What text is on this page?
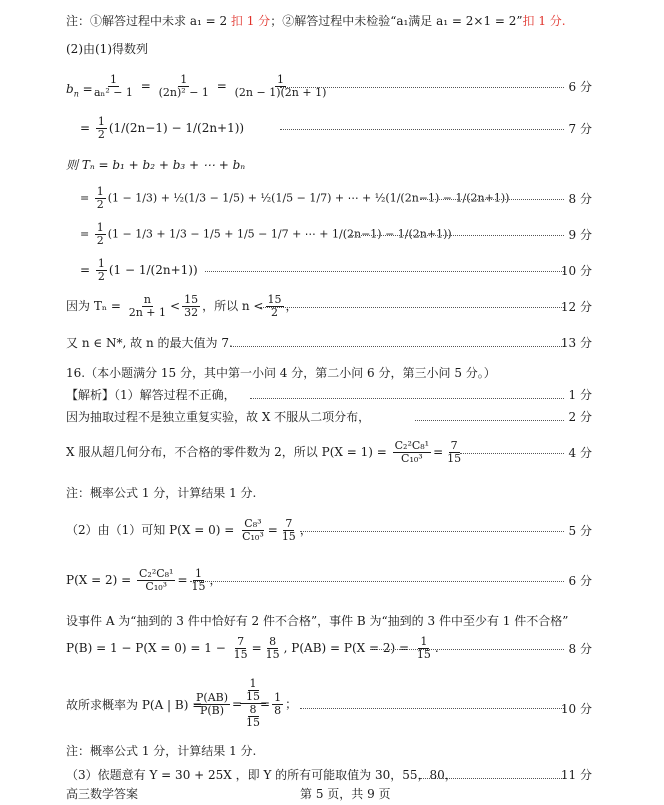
注：①解答过程中未求 a₁ = 2 扣 1 分；②解答过程中未检验“a₁满足 a₁ = 2×1 = 2”扣 1 分.
(2)由(1)得数列
$b_n = \frac{1}{\text{aₙ² − 1}} = \frac{1}{\text{(2n)² − 1}} = \frac{1}{(2n - 1)(2n + 1)}$	6 分
= $\frac{1}{2} (1/(2n-1) - 1/(2n+1))$	7 分
则 Tₙ = b₁ + b₂ + b₃ + ⋯ + bₙ
= $\frac{1}{2} (1 - 1/3)$ + ½(1/3 − 1/5) + ½(1/5 − 1/7) + ⋯ + ½(1/(2n−1) − 1/(2n+1))	8 分
= $\frac{1}{2} (1 - 1/3 + 1/3 - 1/5 + 1/5 - 1/7$ + ⋯ + 1/(2n−1) − 1/(2n+1))	9 分
= $\frac{1}{2} (1 - 1/(2n+1))$	10 分
因为 $T_n = \frac{n}{2n + 1} < \frac{15}{32}$ ，所以 $n < \frac{15}{2}$ ，	12 分
又 n ∈ N*, 故 n 的最大值为 7.	13 分
16.（本小题满分 15 分，其中第一小问 4 分，第二小问 6 分，第三小问 5 分。）
【解析】（1）解答过程不正确，	1 分
因为抽取过程不是独立重复实验，故 X 不服从二项分布，	2 分
X 服从超几何分布，不合格的零件数为 2，所以 $P(X = 1) = \frac{\text{C₂²C₈¹}}{\text{C₁₀³}} = \frac{7}{15}$	4 分
注：概率公式 1 分，计算结果 1 分.
（2）由（1）可知 $P(X = 0) = \frac{\text{C₈³}}{\text{C₁₀³}} = \frac{7}{15}$ ，	5 分
$P(X = 2) = \frac{\text{C₂²C₈¹}}{\text{C₁₀³}} = \frac{1}{15}$ ，	6 分
设事件 A 为“抽到的 3 件中恰好有 2 件不合格”，事件 B 为“抽到的 3 件中至少有 1 件不合格”
$P(B) = 1 - P(X = 0) = 1 - \frac{7}{15} = \frac{8}{15}$ , $P(AB) = P(X = 2) = \frac{1}{15}$ .	8 分
故所求概率为 P(A | B) =
$\frac{P(AB)}{P(B)}$ =
$\frac{\frac{1}{15}}{\frac{8}{15}}$
= $\frac{1}{8}$ ；	10 分
注：概率公式 1 分，计算结果 1 分.
（3）依题意有 Y = 30 + 25X ，即 Y 的所有可能取值为 30，55，80，	11 分
高三数学答案	第 5 页，共 9 页
